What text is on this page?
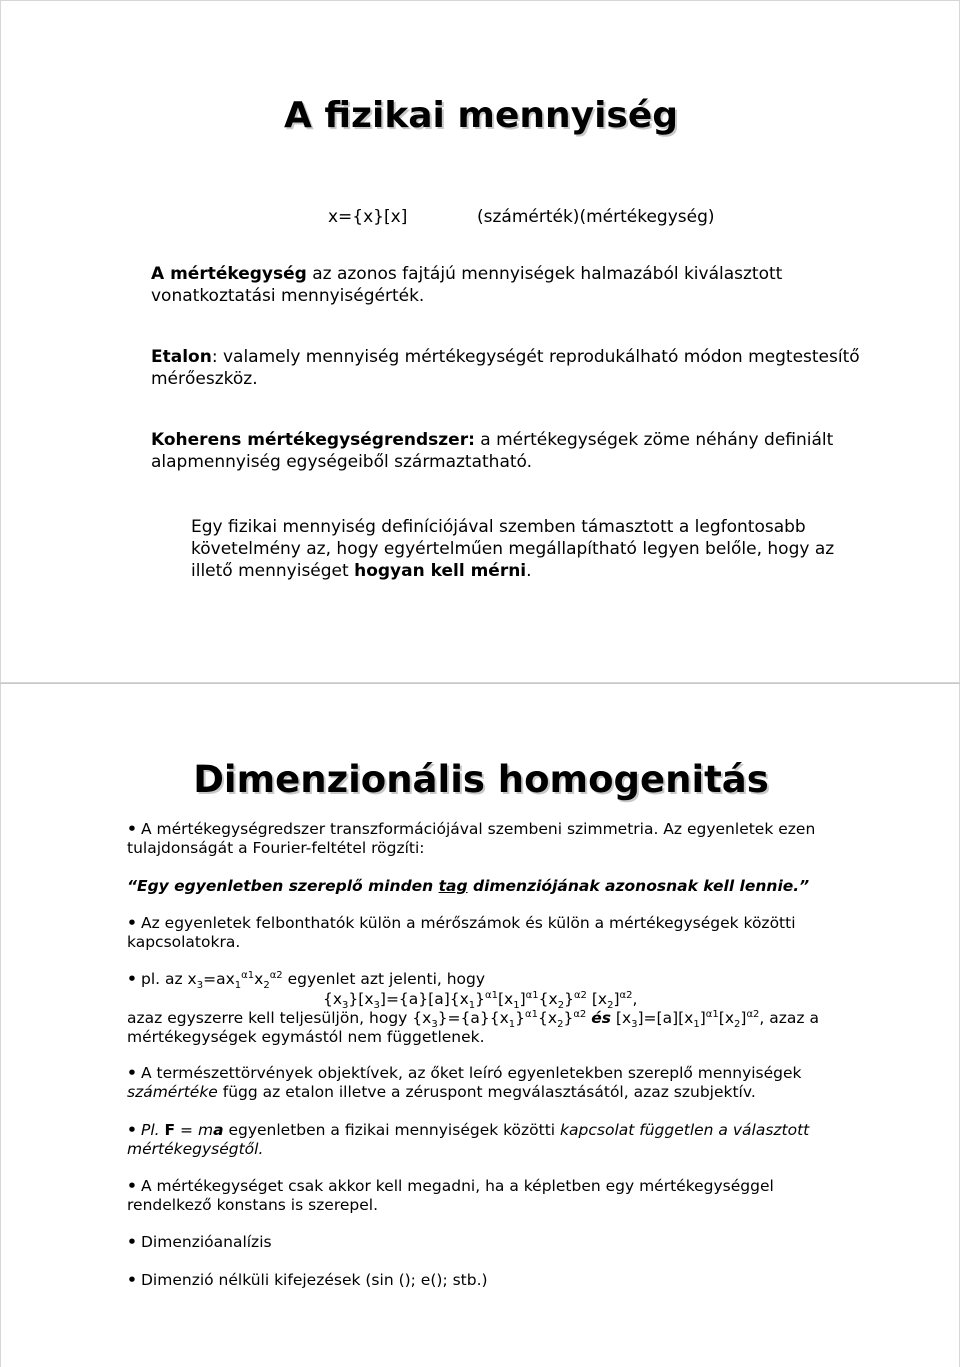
A fizikai mennyiség
x={x}[x]	(számérték)(mértékegység)
A mértékegység az azonos fajtájú mennyiségek halmazából kiválasztott vonatkoztatási mennyiségérték.
Etalon: valamely mennyiség mértékegységét reprodukálható módon megtestesítő mérőeszköz.
Koherens mértékegységrendszer: a mértékegységek zöme néhány definiált alapmennyiség egységeiből származtatható.
Egy fizikai mennyiség definíciójával szemben támasztott a legfontosabb követelmény az, hogy egyértelműen megállapítható legyen belőle, hogy az illető mennyiséget hogyan kell mérni.
Dimenzionális homogenitás
• A mértékegységredszer transzformációjával szembeni szimmetria. Az egyenletek ezen tulajdonságát a Fourier-feltétel rögzíti:
“Egy egyenletben szereplő minden tag dimenziójának azonosnak kell lennie.”
• Az egyenletek felbonthatók külön a mérőszámok és külön a mértékegységek közötti kapcsolatokra.
• pl. az $x_3=ax_1^{\alpha 1}x_2^{\alpha 2}$ egyenlet azt jelenti, hogy
$\{x_3\}[x_3]=\{a\}[a]\{x_1\}^{\alpha 1}[x_1]^{\alpha 1}\{x_2\}^{\alpha 2}$ $[x_2]^{\alpha 2}$,
azaz egyszerre kell teljesüljön, hogy $\{x_3\}=\{a\}\{x_1\}^{\alpha 1}\{x_2\}^{\alpha 2}$ és $[x_3]=[a][x_1]^{\alpha 1}[x_2]^{\alpha 2}$, azaz a
mértékegységek egymástól nem függetlenek.
• A természettörvények objektívek, az őket leíró egyenletekben szereplő mennyiségek
számértéke függ az etalon illetve a zéruspont megválasztásától, azaz szubjektív.
• Pl. F = ma egyenletben a fizikai mennyiségek közötti kapcsolat független a választott mértékegységtől.
• A mértékegységet csak akkor kell megadni, ha a képletben egy mértékegységgel rendelkező konstans is szerepel.
• Dimenzióanalízis
• Dimenzió nélküli kifejezések (sin (); e(); stb.)
